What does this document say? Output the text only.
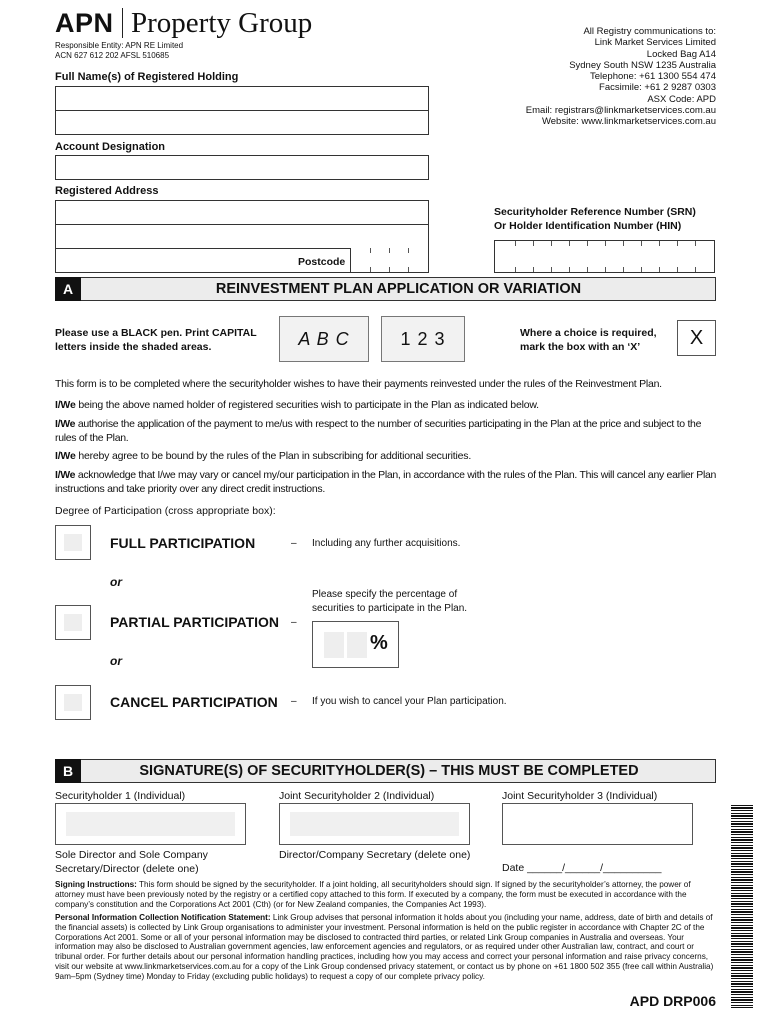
APN Property Group
Responsible Entity: APN RE Limited
ACN 627 612 202 AFSL 510685
All Registry communications to:
Link Market Services Limited
Locked Bag A14
Sydney South NSW 1235 Australia
Telephone: +61 1300 554 474
Facsimile: +61 2 9287 0303
ASX Code: APD
Email: registrars@linkmarketservices.com.au
Website: www.linkmarketservices.com.au
Full Name(s) of Registered Holding
Account Designation
Registered Address
Postcode
Securityholder Reference Number (SRN)
Or Holder Identification Number (HIN)
A	REINVESTMENT PLAN APPLICATION OR VARIATION
Please use a BLACK pen. Print CAPITAL
letters inside the shaded areas.	A B C	1 2 3	Where a choice is required,
mark the box with an ‘X’	X
This form is to be completed where the securityholder wishes to have their payments reinvested under the rules of the Reinvestment Plan.
I/We being the above named holder of registered securities wish to participate in the Plan as indicated below.
I/We authorise the application of the payment to me/us with respect to the number of securities participating in the Plan at the price and subject to the rules of the Plan.
I/We hereby agree to be bound by the rules of the Plan in subscribing for additional securities.
I/We acknowledge that I/we may vary or cancel my/our participation in the Plan, in accordance with the rules of the Plan. This will cancel any earlier Plan instructions and take priority over any direct credit instructions.
Degree of Participation (cross appropriate box):
FULL PARTICIPATION	– Including any further acquisitions.
or
Please specify the percentage of
securities to participate in the Plan.
PARTIAL PARTICIPATION –
%
or
CANCEL PARTICIPATION – If you wish to cancel your Plan participation.
B	SIGNATURE(S) OF SECURITYHOLDER(S) – THIS MUST BE COMPLETED
Securityholder 1 (Individual)	Joint Securityholder 2 (Individual)	Joint Securityholder 3 (Individual)
Sole Director and Sole Company
Secretary/Director (delete one)
Director/Company Secretary (delete one)
Date ______/______/__________
Signing Instructions: This form should be signed by the securityholder. If a joint holding, all securityholders should sign. If signed by the securityholder’s attorney, the power of attorney must have been previously noted by the registry or a certified copy attached to this form. If executed by a company, the form must be executed in accordance with the company’s constitution and the Corporations Act 2001 (Cth) (or for New Zealand companies, the Companies Act 1993).
Personal Information Collection Notification Statement: Link Group advises that personal information it holds about you (including your name, address, date of birth and details of the financial assets) is collected by Link Group organisations to administer your investment. Personal information is held on the public register in accordance with Chapter 2C of the Corporations Act 2001. Some or all of your personal information may be disclosed to contracted third parties, or related Link Group companies in Australia and overseas. Your information may also be disclosed to Australian government agencies, law enforcement agencies and regulators, or as required under other Australian law, contract, and court or tribunal order. For further details about our personal information handling practices, including how you may access and correct your personal information and raise privacy concerns, visit our website at www.linkmarketservices.com.au for a copy of the Link Group condensed privacy statement, or contact us by phone on +61 1800 502 355 (free call within Australia) 9am–5pm (Sydney time) Monday to Friday (excluding public holidays) to request a copy of our complete privacy policy.
APD DRP006
